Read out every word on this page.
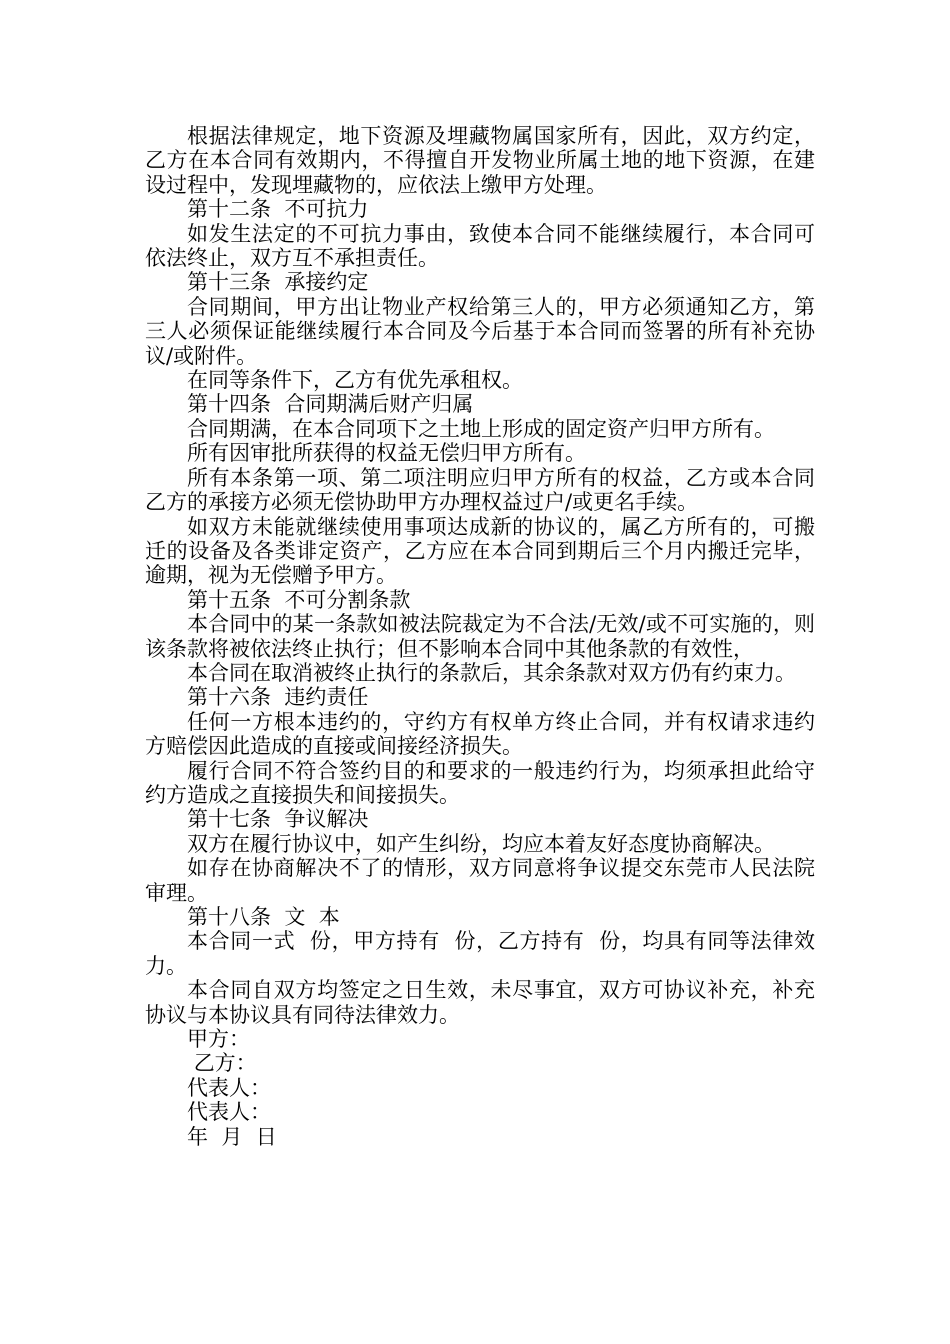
根据法律规定，地下资源及埋藏物属国家所有，因此，双方约定，乙方在本合同有效期内，不得擅自开发物业所属土地的地下资源，在建设过程中，发现埋藏物的，应依法上缴甲方处理。

第十二条  不可抗力

如发生法定的不可抗力事由，致使本合同不能继续履行，本合同可依法终止，双方互不承担责任。

第十三条  承接约定

合同期间，甲方出让物业产权给第三人的，甲方必须通知乙方，第三人必须保证能继续履行本合同及今后基于本合同而签署的所有补充协议/或附件。

在同等条件下，乙方有优先承租权。

第十四条  合同期满后财产归属

合同期满，在本合同项下之土地上形成的固定资产归甲方所有。

所有因审批所获得的权益无偿归甲方所有。

所有本条第一项、第二项注明应归甲方所有的权益，乙方或本合同乙方的承接方必须无偿协助甲方办理权益过户/或更名手续。

如双方未能就继续使用事项达成新的协议的，属乙方所有的，可搬迁的设备及各类诽定资产，乙方应在本合同到期后三个月内搬迁完毕，逾期，视为无偿赠予甲方。

第十五条  不可分割条款

本合同中的某一条款如被法院裁定为不合法/无效/或不可实施的，则该条款将被依法终止执行；但不影响本合同中其他条款的有效性，

本合同在取消被终止执行的条款后，其余条款对双方仍有约束力。

第十六条  违约责任

任何一方根本违约的，守约方有权单方终止合同，并有权请求违约方赔偿因此造成的直接或间接经济损失。

履行合同不符合签约目的和要求的一般违约行为，均须承担此给守约方造成之直接损失和间接损失。

第十七条  争议解决

双方在履行协议中，如产生纠纷，均应本着友好态度协商解决。

如存在协商解决不了的情形，双方同意将争议提交东莞市人民法院审理。

第十八条  文  本

本合同一式  份，甲方持有  份，乙方持有  份，均具有同等法律效力。

本合同自双方均签定之日生效，未尽事宜，双方可协议补充，补充协议与本协议具有同待法律效力。

甲方：

乙方：

代表人：

代表人：

年  月  日
